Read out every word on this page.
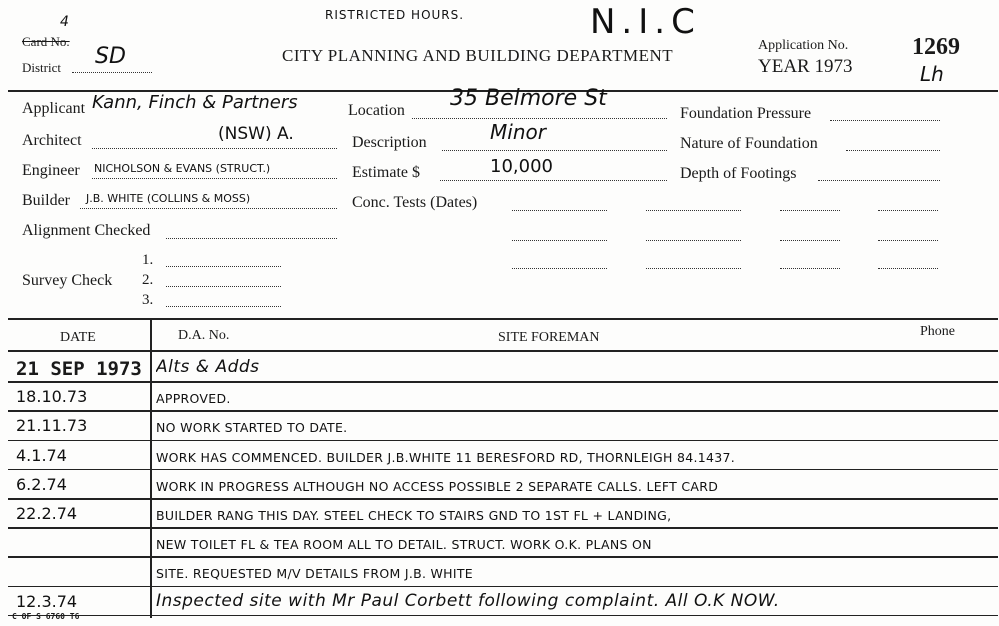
RISTRICTED HOURS.	N.I.C
Card No.
4
District SD	CITY PLANNING AND BUILDING DEPARTMENT
Application No.
YEAR 1973
1269
Lh
Applicant Kann, Finch & Partners
Architect	(NSW) A.
Engineer NICHOLSON & EVANS (STRUCT.)
Builder J.B. WHITE (COLLINS & MOSS)
Alignment Checked
Survey Check
1.
2.
3.
Location 35 Belmore St
Description	Minor
Estimate $	10,000
Conc. Tests (Dates)
Foundation Pressure
Nature of Foundation
Depth of Footings
DATE	D.A. No.	SITE FOREMAN	Phone
21 SEP 1973 Alts & Adds
18.10.73	APPROVED.
21.11.73	NO WORK STARTED TO DATE.
4.1.74	WORK HAS COMMENCED. BUILDER J.B.WHITE 11 BERESFORD RD, THORNLEIGH 84.1437.
6.2.74	WORK IN PROGRESS ALTHOUGH NO ACCESS POSSIBLE 2 SEPARATE CALLS. LEFT CARD
22.2.74	BUILDER RANG THIS DAY. STEEL CHECK TO STAIRS GND TO 1ST FL + LANDING,
NEW TOILET FL & TEA ROOM ALL TO DETAIL. STRUCT. WORK O.K. PLANS ON
SITE. REQUESTED M/V DETAILS FROM J.B. WHITE
12.3.74	Inspected site with Mr Paul Corbett following complaint. All O.K NOW.
C OF S 6760 T6
